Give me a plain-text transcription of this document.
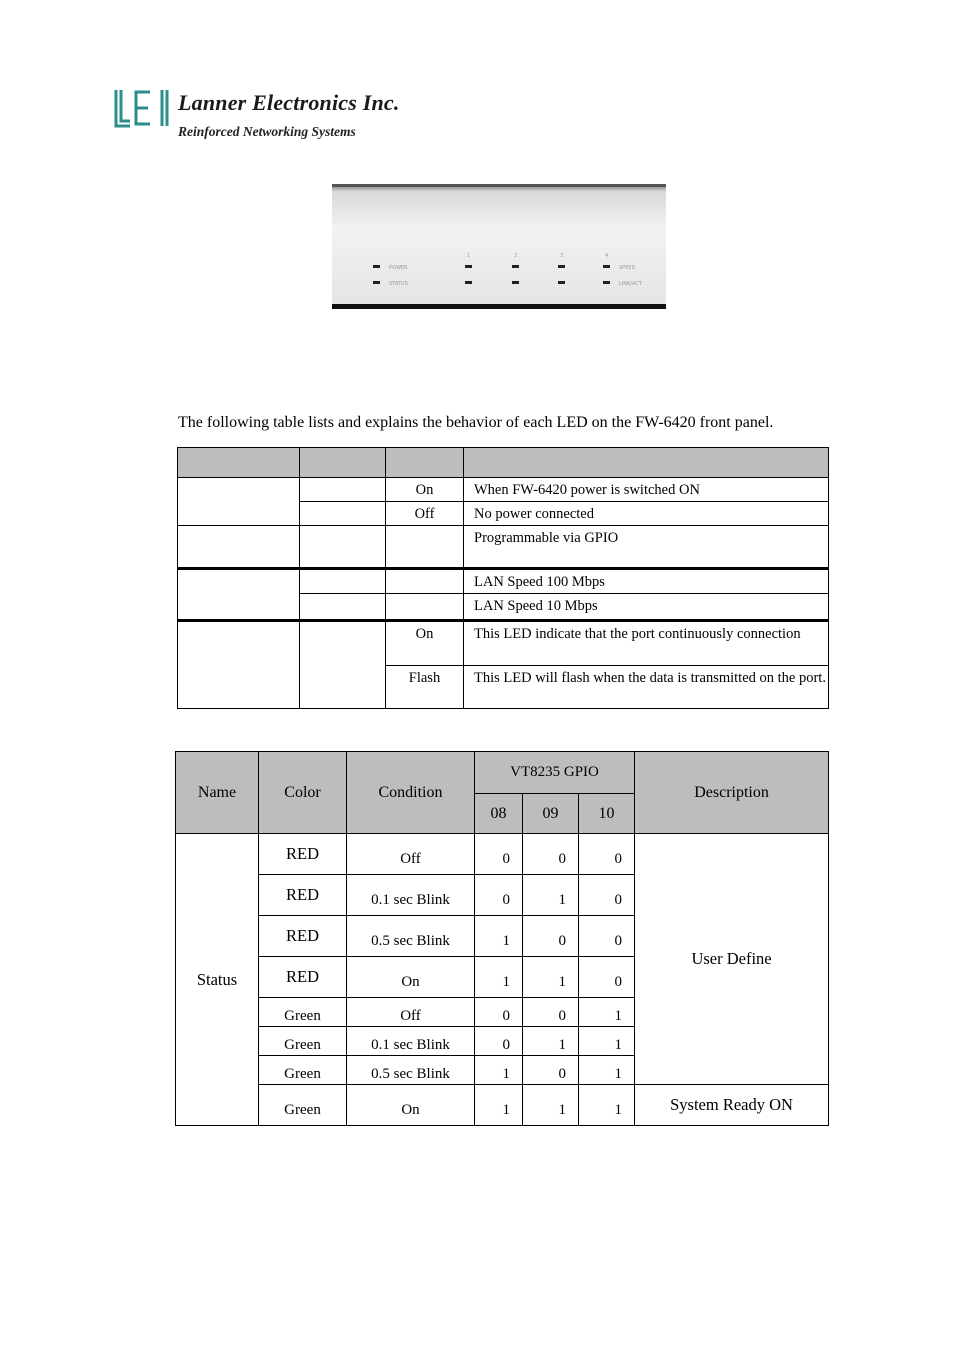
Lanner Electronics Inc.
Reinforced Networking Systems
POWER
STATUS
1	2	3	4
SPEED
LINK/ACT
The following table lists and explains the behavior of each LED on the FW-6420 front panel.

		On	When FW-6420 power is switched ON
		Off	No power connected
			Programmable via GPIO
			LAN Speed 100 Mbps
			LAN Speed 10 Mbps
		On	This LED indicate that the port continuously connection
		Flash	This LED will flash when the data is transmitted on the port.
Name	Color	Condition	VT8235 GPIO			Description
			08	09	10	
Status	RED	Off	0	0	0	User Define
	RED	0.1 sec Blink	0	1	0	
	RED	0.5 sec Blink	1	0	0	
	RED	On	1	1	0	
	Green	Off	0	0	1	
	Green	0.1 sec Blink	0	1	1	
	Green	0.5 sec Blink	1	0	1	
	Green	On	1	1	1	System Ready ON
